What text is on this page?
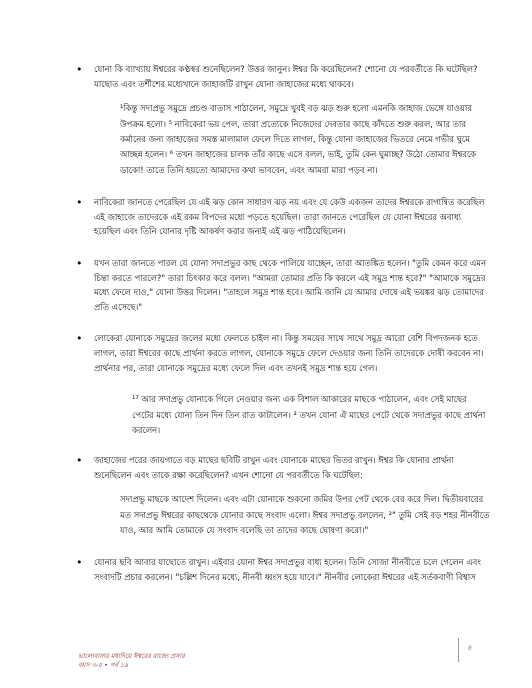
• যোনা কি ব্যাখ্যায় ঈশ্বরের কণ্ঠস্বর শুনেছিলেন? উত্তর জানুন। ঈশ্বর কি করেছিলেন? শোনো যে পরবর্তীতে কি ঘটেছিল? যাছোত এবং তর্শীশের মধ্যেখানে জাহাজটি রাখুন যোনা জাহাজের মধ্যে থাকবে।

¹কিন্তু সদাপ্রভু সমুদ্রে প্রচণ্ড বাতাস পাঠালেন, সমুদ্রে খুবই বড় ঝড় শুরু হলো এমনকি জাহাজ ভেঙ্গে যাওয়ার উপক্রম হলো। ⁵ নাবিকেরা ভয় পেল, তারা প্রত্যেকে নিজেদের দেবতার কাছে কাঁদতে শুরু করল, আর তার কর্মানের জন্য জাহাজের সমস্ত মালামাল ফেলে দিতে লাগল, কিন্তু যোনা জাহাজের ভিতরে নেমে গভীর ঘুমে আচ্ছন্ন হলেন। ⁶ তখন জাহাজের চালক তাঁর কাছে এসে বলল, ভাই, তুমি কেন ঘুমাচ্ছ? উঠো তোমার ঈশ্বরকে ডাকো! তাতে তিনি হয়তো আমাদের কথা ভাববেন, এবং আমরা মারা পড়ব না।

• নাবিকেরা জানতে পেরেছিল যে এই ঝড় কোন সাধারণ ঝড় নয় এবং যে কেউ একজন তাদের ঈশ্বরকে রাগান্বিত করেছিল এই জাহাজে তাদেরকে এই রকম বিপদের মধ্যে পড়তে হয়েছিল। তারা জানতে পেরেছিল যে যোনা ঈশ্বরের অবাধ্য হয়েছিল এবং তিনি যোনার দৃষ্টি আকর্ষণ করার জন্যই এই ঝড় পাঠিয়েছিলেন।

• যখন তারা জানতে পারল যে যোনা সদাপ্রভুর কাছ থেকে পালিয়ে যাচ্ছেন, তারা আতঙ্কিত হলেন। "তুমি কেমন করে এমন চিন্তা করতে পারলে?" তারা চিৎকার করে বলল। "আমরা তোমার প্রতি কি করলে এই সমুদ্র শান্ত হবে?" "আমাকে সমুদ্রের মধ্যে ফেলে দাও," যোনা উত্তর দিলেন। "তাহলে সমুদ্র শান্ত হবে। আমি জানি যে আমার দোষে এই ভয়ঙ্কর ঝড় তোমাদের প্রতি এসেছে।"

• লোকেরা যোনাকে সমুদ্রের জলের মধ্যে ফেলতে চাইল না। কিন্তু সময়ের সাথে সাথে সমুদ্র আরো বেশি বিপদজনক হতে লাগল, তারা ঈশ্বরের কাছে প্রার্থনা করতে লাগল, যোনাকে সমুদ্রে ফেলে দেওয়ার জন্য তিনি তাদেরকে দোষী করবেন না। প্রার্থনার পর, তারা যোনাকে সমুদ্রের মধ্যে ফেলে দিল এবং তখনই সমুদ্র শান্ত হয়ে গেল।

¹⁷ আর সদাপ্রভু যোনাকে গিলে নেওয়ার জন্য এক বিশাল আকারের মাছকে পাঠালেন, এবং সেই মাছের পেটের মধ্যে যোনা তিন দিন তিন রাত কাটালেন। ² তখন যোনা ঐ মাছের পেটে থেকে সদাপ্রভুর কাছে প্রার্থনা করলেন।

• জাহাজের পরের জায়গাতে বড় মাছের ছবিটি রাখুন এবং যোনাকে মাছের ভিতর রাখুন। ঈশ্বর কি যোনার প্রার্থনা শুনেছিলেন এবং তাকে রক্ষা করেছিলেন? এখন শোনো যে পরবর্তীতে কি ঘটেছিল:

সদাপ্রভু মাছকে আদেশ দিলেন। এবং এটা যোনাকে শুকনো জমির উপর পেট থেকে বের করে দিল। দ্বিতীয়বারের মত সদাপ্রভু ঈশ্বরের কাছথেকে যোনার কাছে সংবাদ এলো। ঈশ্বর সদাপ্রভু বললেন, ²" তুমি সেই বড় শহর নীনবীতে যাও, আর আমি তোমাকে যে সংবাদ বলেছি তা তাদের কাছে ঘোষণা করো।"

• যোনার ছবি আবার যাছোতে রাখুন। এইবার যোনা ঈশ্বর সদাপ্রভুর বাধ্য হলেন। তিনি সোজা নীনবীতে চলে গেলেন এবং সংবাদটি প্রচার করলেন। "চল্লিশ দিনের মধ্যে, নীনবী ধ্বংস হয়ে যাবে।" নীনবীর লোকেরা ঈশ্বরের এই সর্তকবাণী বিশ্বাস

ভালোবাসার মধ্যদিয়ে ঈশ্বরের রাজ্যে প্রসার
বয়স ৩-৫ • পর্ব ১৯
৪
